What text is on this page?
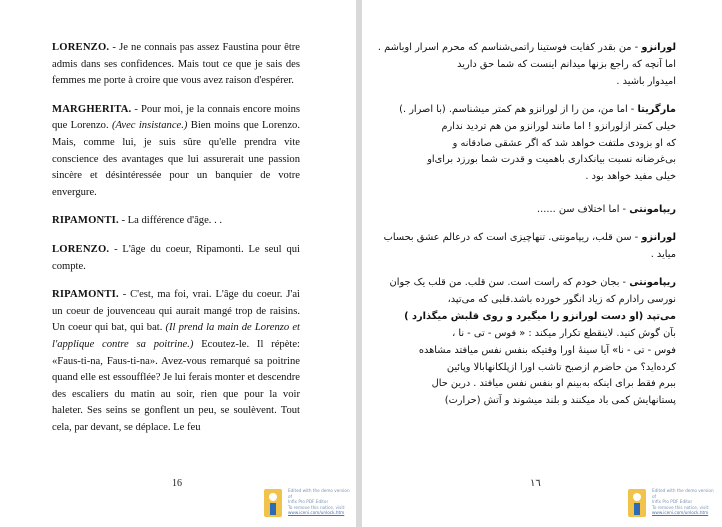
LORENZO. - Je ne connais pas assez Faustina pour être admis dans ses confidences. Mais tout ce que je sais des femmes me porte à croire que vous avez raison d'espérer.

MARGHERITA. - Pour moi, je la connais encore moins que Lorenzo. (Avec insistance.) Bien moins que Lorenzo. Mais, comme lui, je suis sûre qu'elle prendra vite conscience des avantages que lui assurerait une passion sincère et désintéressée pour un banquier de votre envergure.

RIPAMONTI. - La différence d'âge. . .

LORENZO. - L'âge du coeur, Ripamonti. Le seul qui compte.

RIPAMONTI. - C'est, ma foi, vrai. L'âge du coeur. J'ai un coeur de jouvenceau qui aurait mangé trop de raisins. Un coeur qui bat, qui bat. (Il prend la main de Lorenzo et l'applique contre sa poitrine.) Ecoutez-le. Il répète: «Faus-ti-na, Faus-ti-na». Avez-vous remarqué sa poitrine quand elle est essoufflée? Je lui ferais monter et descendre des escaliers du matin au soir, rien que pour la voir haleter. Ses seins se gonflent un peu, se soulèvent. Tout cela, par devant, se déplace. Le feu

16
لورانزو - من بقدر کفایت فوستینا راتمی‌شناسم که محرم اسرار اوباشم .
اما آنچه که راجع بزنها میدانم اینست که شما حق دارید
امیدوار باشید .
مارگریتا - اما من، من را از لورانزو هم کمتر میشناسم. (با اصرار .)
خیلی کمتر ازلورانزو ! اما مانند لورانزو من هم تردید ندارم
که او بزودی ملتفت خواهد شد که اگر عشقی صادقانه و
بی‌غرضانه نسبت بیانکداری باهمیت و قدرت شما بورزد برای‌او
خیلی مفید خواهد بود .
ریپامونتی - اما اختلاف سن ......
لورانزو - سن قلب، ریپامونتی. تنهاچیزی است که درعالم عشق بحساب
میاید .
ریپامونتی - بجان خودم که راست است. سن قلب. من قلب یک جوان
نورسی رادارم که زیاد انگور خورده باشد.قلبی که می‌تپد،
می‌تپد (او دست لورانزو را میگیرد و روی قلبش میگذارد )
بآن گوش کنید. لاینقطع تکرار میکند : « فوس - تی - نا ،
فوس - تی - نا» آیا سینهٔ اورا وقتیکه بنفس نفس میافتد مشاهده
کرده‌اید؟ من حاضرم ازصبح تاشب اورا ازپلکانهابالا وپائین
ببرم فقط برای اینکه به‌بینم او بنفس نفس میافتد . درین حال
پستانهایش کمی باد میکنند و بلند میشوند و آتش (حرارت)
١٦
Edited with the demo version of
Infix Pro PDF Editor
To remove this notice, visit:
www.iceni.com/unlock.htm
Edited with the demo version of
Infix Pro PDF Editor
To remove this notice, visit:
www.iceni.com/unlock.htm
